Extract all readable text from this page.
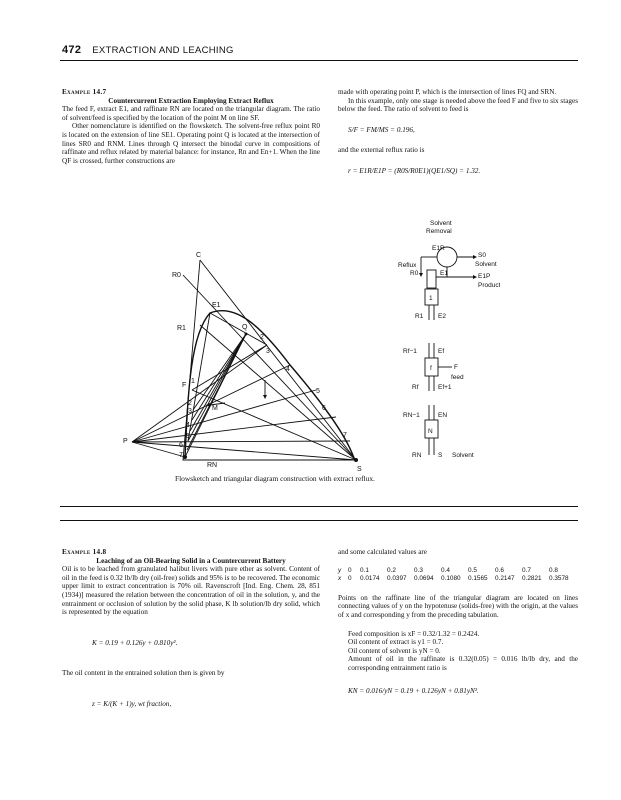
472 EXTRACTION AND LEACHING
Example 14.7
Countercurrent Extraction Employing Extract Reflux
The feed F, extract E1, and raffinate RN are located on the triangular diagram. The ratio of solvent/feed is specified by the location of the point M on line SF.

Other nomenclature is identified on the flowsketch. The solvent-free reflux point R0 is located on the extension of line SE1. Operating point Q is located at the intersection of lines SR0 and RNM. Lines through Q intersect the binodal curve in compositions of raffinate and reflux related by material balance: for instance, Rn and En+1. When the line QF is crossed, further constructions are

made with operating point P, which is the intersection of lines FQ and SRN.

In this example, only one stage is needed above the feed F and five to six stages below the feed. The ratio of solvent to feed is

S/F = FM/MS = 0.196,
and the external reflux ratio is
r = E1R/E1P = (R0S/R0E1)(QE1/SQ) = 1.32.
C
R0
E1
R1	Q
F
M
P
S
RN
1
2
3
4
5
6
7
2
3
4
5
6
7
Solvent
Removal
E1R
S0
Solvent
Reflux
R0	E1	E1P
Product
1
R1 E2
Rf−1	Ef
f	F
feed
Rf	Ef+1
RN−1	EN
N
RN	S Solvent
Flowsketch and triangular diagram construction with extract reflux.
Example 14.8
Leaching of an Oil-Bearing Solid in a Countercurrent Battery
Oil is to be leached from granulated halibut livers with pure ether as solvent. Content of oil in the feed is 0.32 lb/lb dry (oil-free) solids and 95% is to be recovered. The economic upper limit to extract concentration is 70% oil. Ravenscroft [Ind. Eng. Chem. 28, 851 (1934)] measured the relation between the concentration of oil in the solution, y, and the entrainment or occlusion of solution by the solid phase, K lb solution/lb dry solid, which is represented by the equation
K = 0.19 + 0.126y + 0.810y².
The oil content in the entrained solution then is given by
z = K/(K + 1)y, wt fraction,
and some calculated values are
y 0 0.1	0.2	0.3	0.4	0.5	0.6	0.7	0.8
x 0 0.0174 0.0397 0.0694 0.1080 0.1565 0.2147 0.2821 0.3578
Points on the raffinate line of the triangular diagram are located on lines connecting values of y on the hypotenuse (solids-free) with the origin, at the values of x and corresponding y from the preceding tabulation.
Feed composition is xF = 0.32/1.32 = 0.2424.
Oil content of extract is y1 = 0.7.
Oil content of solvent is yN = 0.
Amount of oil in the raffinate is 0.32(0.05) = 0.016 lb/lb dry, and the corresponding entrainment ratio is
KN = 0.016/yN = 0.19 + 0.126yN + 0.81yN².
